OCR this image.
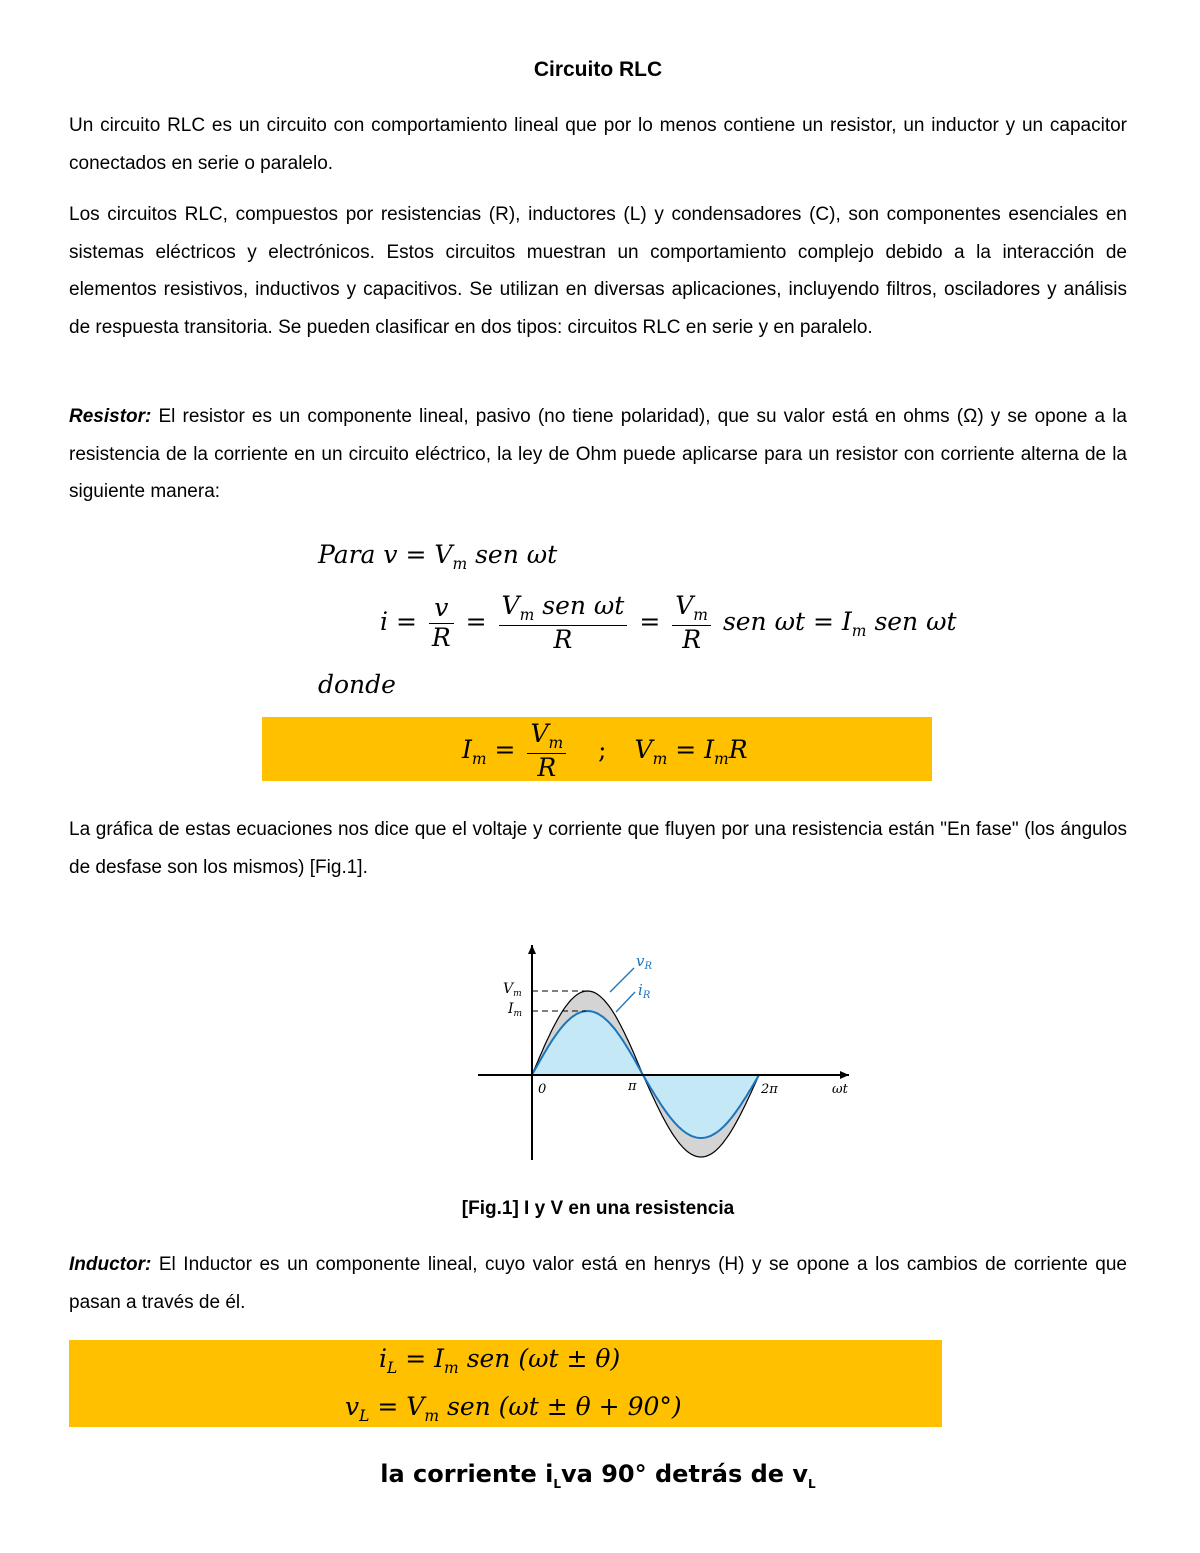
Circuito RLC

Un circuito RLC es un circuito con comportamiento lineal que por lo menos contiene un resistor, un inductor y un capacitor conectados en serie o paralelo.

Los circuitos RLC, compuestos por resistencias (R), inductores (L) y condensadores (C), son componentes esenciales en sistemas eléctricos y electrónicos. Estos circuitos muestran un comportamiento complejo debido a la interacción de elementos resistivos, inductivos y capacitivos. Se utilizan en diversas aplicaciones, incluyendo filtros, osciladores y análisis de respuesta transitoria. Se pueden clasificar en dos tipos: circuitos RLC en serie y en paralelo.

Resistor: El resistor es un componente lineal, pasivo (no tiene polaridad), que su valor está en ohms (Ω) y se opone a la resistencia de la corriente en un circuito eléctrico, la ley de Ohm puede aplicarse para un resistor con corriente alterna de la siguiente manera:

Para $v = V_m$ sen ωt
$i = \frac{v}{R} = \frac{V_m sen \omega t}{R} = \frac{V_m}{R}$ sen $\omega t = I_m$ sen ωt
donde
$I_m = \frac{V_m}{R}$ ; $V_m = I_mR$

La gráfica de estas ecuaciones nos dice que el voltaje y corriente que fluyen por una resistencia están "En fase" (los ángulos de desfase son los mismos) [Fig.1].

$V_m$
$I_m$
$v_R$
$i_R$
0	π	2π	ωt
[Fig.1] I y V en una resistencia

Inductor: El Inductor es un componente lineal, cuyo valor está en henrys (H) y se opone a los cambios de corriente que pasan a través de él.

$i_L = I_m$ sen (ωt ± θ)
$v_L = V_m$ sen (ωt ± θ + 90°)
la corriente $i_Lva$ 90° detrás de $v_L$
